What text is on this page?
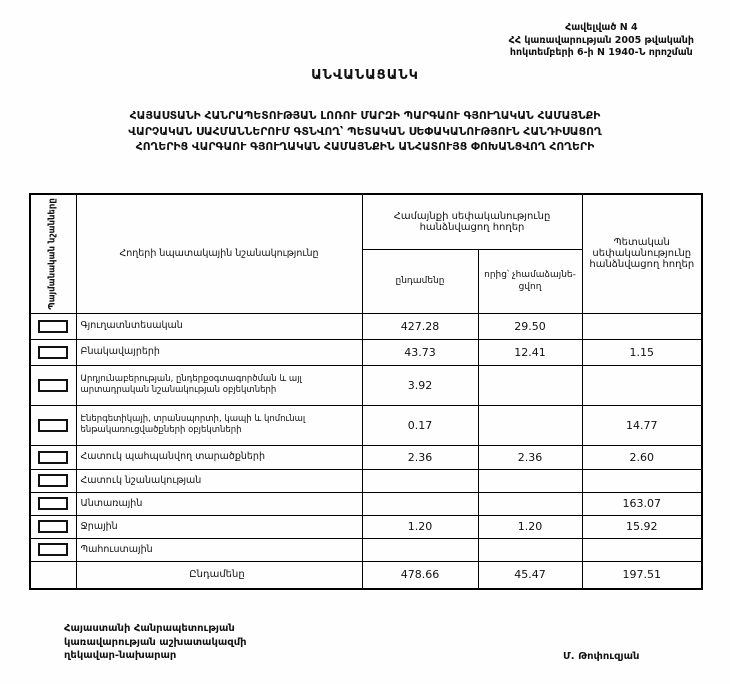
Հավելված N 4
ՀՀ կառավարության 2005 թվականի
հոկտեմբերի 6-ի N 1940-Ն որոշման
ԱՆՎԱՆԱՑԱՆԿ
ՀԱՅԱՍՏԱՆԻ ՀԱՆՐԱՊԵՏՈՒԹՅԱՆ ԼՈՌՈՒ ՄԱՐԶԻ ՊԱՐԳԱՈՒ ԳՅՈՒՂԱԿԱՆ ՀԱՄԱՅՆՔԻ
ՎԱՐՉԱԿԱՆ ՍԱՀՄԱՆՆԵՐՈՒՄ ԳՏՆՎՈՂ՝ ՊԵՏԱԿԱՆ ՍԵՓԱԿԱՆՈՒԹՅՈՒՆ ՀԱՆԴԻՍԱՑՈՂ
ՀՈՂԵՐԻՑ ՎԱՐԳԱՈՒ ԳՅՈՒՂԱԿԱՆ ՀԱՄԱՅՆՔԻՆ ԱՆՀԱՏՈՒՅՑ ՓՈԽԱՆՑՎՈՂ ՀՈՂԵՐԻ
Պայմանական նշանները	Հողերի նպատակային նշանակությունը	Համայնքի սեփականությունը հանձնվացող հողեր		Պետական սեփականությունը հանձնվացող հողեր
		ընդամենը	որից՝ չհամաձայնե-
ցվող	

	Գյուղատնտեսական	427.28	29.50	

	Բնակավայրերի	43.73	12.41	1.15

	Արդյունաբերության, ընդերքօգտագործման և այլ արտադրական նշանակության օբյեկտների	3.92		

	Էներգետիկայի, տրանսպորտի, կապի և կոմունալ ենթակառուցվածքների օբյեկտների	0.17		14.77

	Հատուկ պահպանվող տարածքների	2.36	2.36	2.60

	Հատուկ նշանակության			

	Անտառային			163.07

	Ջրային	1.20	1.20	15.92

	Պահուստային			
	Ընդամենը	478.66	45.47	197.51
Հայաստանի Հանրապետության
կառավարության աշխատակազմի
ղեկավար-նախարար	Մ. Թոփուզյան
